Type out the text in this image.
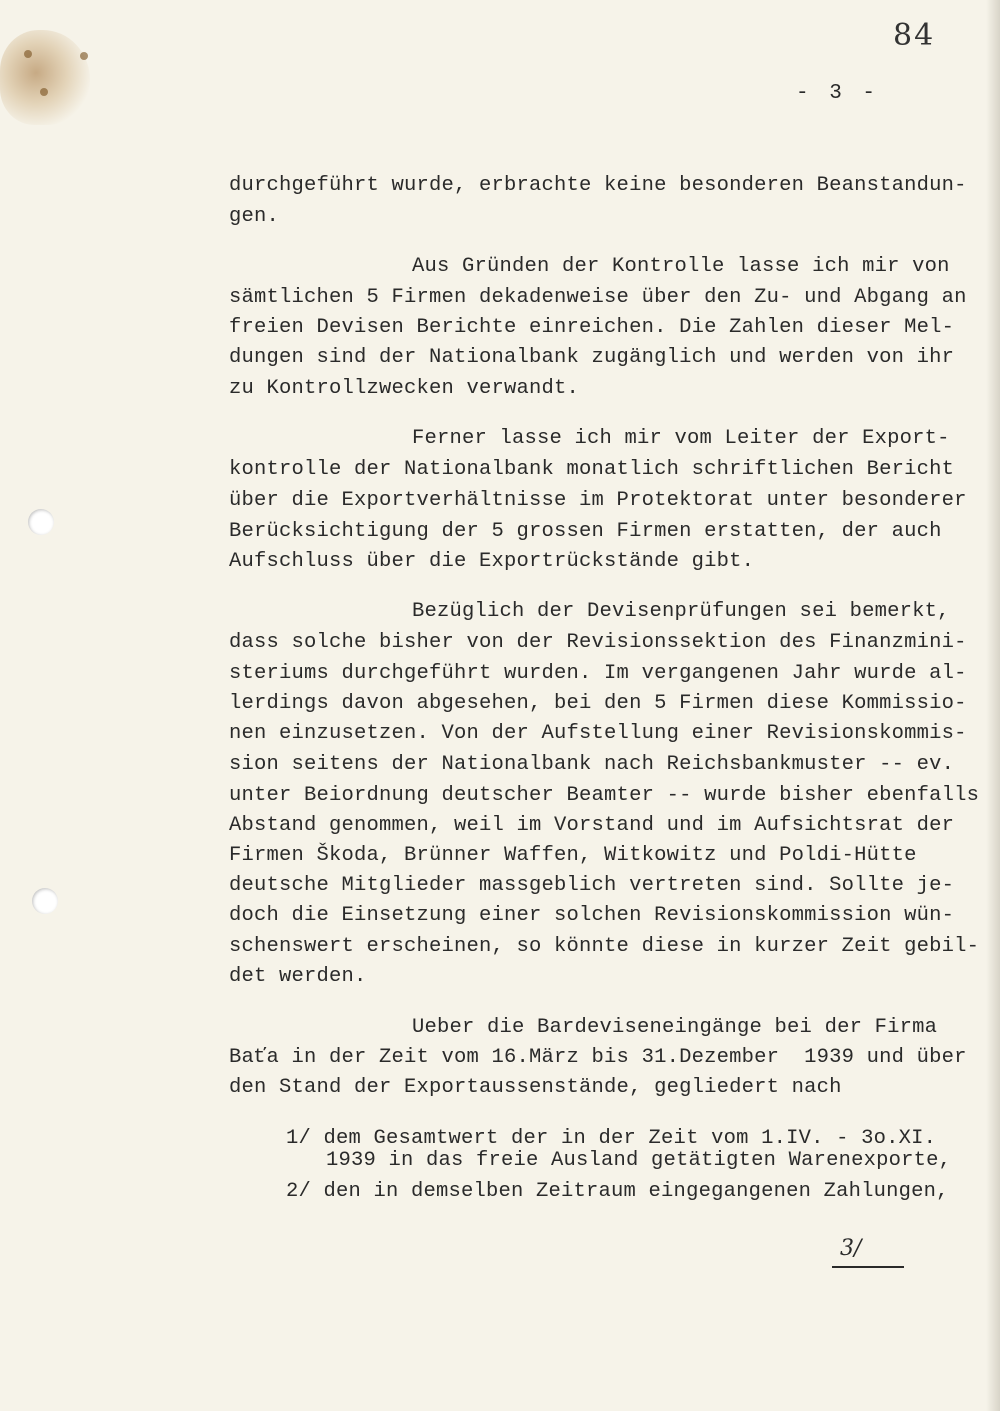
84
- 3 -
durchgeführt wurde, erbrachte keine besonderen Beanstandun-
gen.
Aus Gründen der Kontrolle lasse ich mir von
sämtlichen 5 Firmen dekadenweise über den Zu- und Abgang an
freien Devisen Berichte einreichen. Die Zahlen dieser Mel-
dungen sind der Nationalbank zugänglich und werden von ihr
zu Kontrollzwecken verwandt.
Ferner lasse ich mir vom Leiter der Export-
kontrolle der Nationalbank monatlich schriftlichen Bericht
über die Exportverhältnisse im Protektorat unter besonderer
Berücksichtigung der 5 grossen Firmen erstatten, der auch
Aufschluss über die Exportrückstände gibt.
Bezüglich der Devisenprüfungen sei bemerkt,
dass solche bisher von der Revisionssektion des Finanzmini-
steriums durchgeführt wurden. Im vergangenen Jahr wurde al-
lerdings davon abgesehen, bei den 5 Firmen diese Kommissio-
nen einzusetzen. Von der Aufstellung einer Revisionskommis-
sion seitens der Nationalbank nach Reichsbankmuster -- ev.
unter Beiordnung deutscher Beamter -- wurde bisher ebenfalls
Abstand genommen, weil im Vorstand und im Aufsichtsrat der
Firmen Škoda, Brünner Waffen, Witkowitz und Poldi-Hütte
deutsche Mitglieder massgeblich vertreten sind. Sollte je-
doch die Einsetzung einer solchen Revisionskommission wün-
schenswert erscheinen, so könnte diese in kurzer Zeit gebil-
det werden.
Ueber die Bardeviseneingänge bei der Firma
Baťa in der Zeit vom 16.März bis 31.Dezember  1939 und über
den Stand der Exportaussenstände, gegliedert nach
1/ dem Gesamtwert der in der Zeit vom 1.IV. - 3o.XI.
1939 in das freie Ausland getätigten Warenexporte,
2/ den in demselben Zeitraum eingegangenen Zahlungen,
3/
